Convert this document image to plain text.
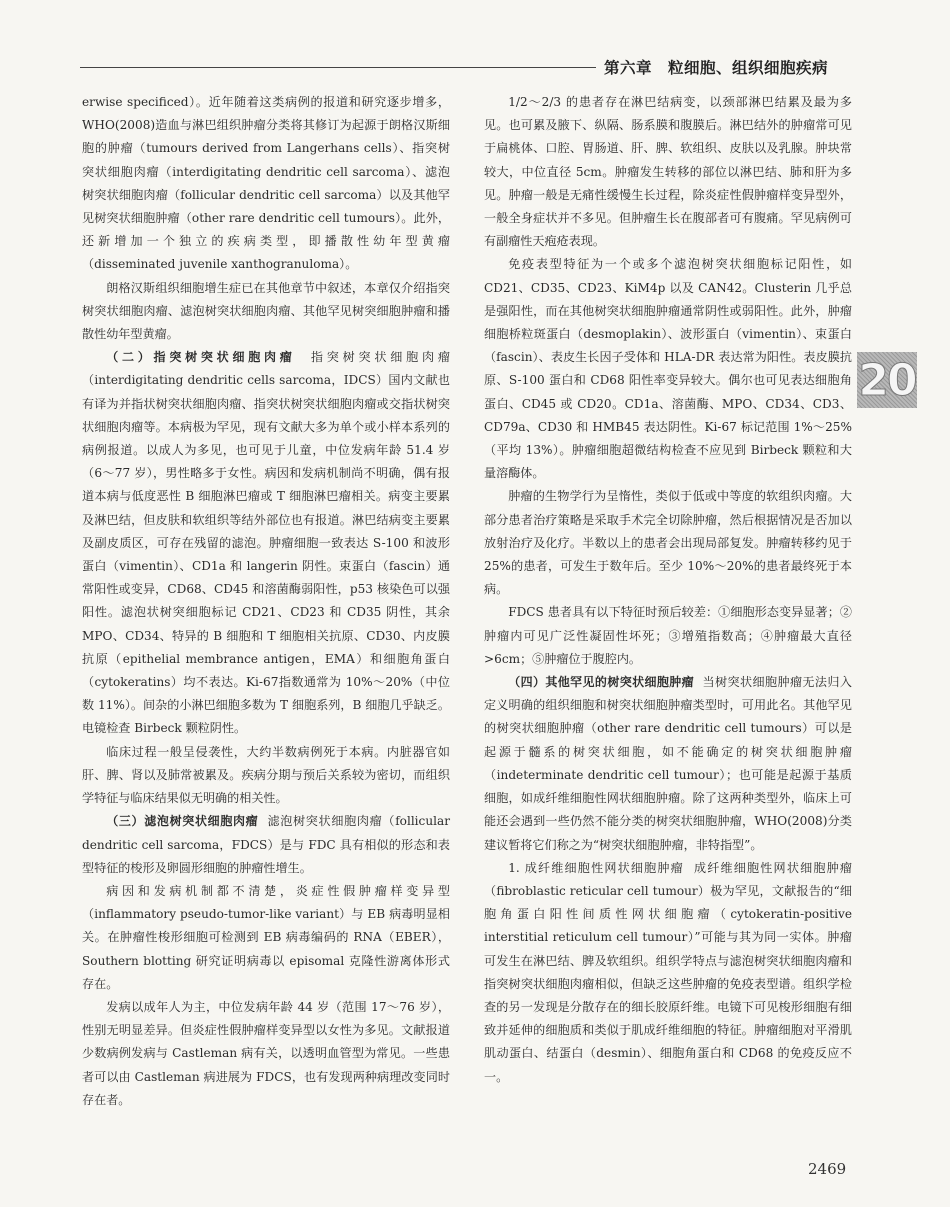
第六章　粒细胞、组织细胞疾病

erwise specificed）。近年随着这类病例的报道和研究逐步增多，WHO(2008)造血与淋巴组织肿瘤分类将其修订为起源于朗格汉斯细胞的肿瘤（tumours derived from Langerhans cells）、指突树突状细胞肉瘤（interdigitating dendritic cell sarcoma）、滤泡树突状细胞肉瘤（follicular dendritic cell sarcoma）以及其他罕见树突状细胞肿瘤（other rare dendritic cell tumours）。此外，还新增加一个独立的疾病类型，即播散性幼年型黄瘤（disseminated juvenile xanthogranuloma）。

朗格汉斯组织细胞增生症已在其他章节中叙述，本章仅介绍指突树突状细胞肉瘤、滤泡树突状细胞肉瘤、其他罕见树突细胞肿瘤和播散性幼年型黄瘤。

（二）指突树突状细胞肉瘤 指突树突状细胞肉瘤（interdigitating dendritic cells sarcoma，IDCS）国内文献也有译为并指状树突状细胞肉瘤、指突状树突状细胞肉瘤或交指状树突状细胞肉瘤等。本病极为罕见，现有文献大多为单个或小样本系列的病例报道。以成人为多见，也可见于儿童，中位发病年龄 51.4 岁（6～77 岁），男性略多于女性。病因和发病机制尚不明确，偶有报道本病与低度恶性 B 细胞淋巴瘤或 T 细胞淋巴瘤相关。病变主要累及淋巴结，但皮肤和软组织等结外部位也有报道。淋巴结病变主要累及副皮质区，可存在残留的滤泡。肿瘤细胞一致表达 S-100 和波形蛋白（vimentin）、CD1a 和 langerin 阴性。束蛋白（fascin）通常阳性或变异，CD68、CD45 和溶菌酶弱阳性，p53 核染色可以强阳性。滤泡状树突细胞标记 CD21、CD23 和 CD35 阴性，其余 MPO、CD34、特异的 B 细胞和 T 细胞相关抗原、CD30、内皮膜抗原（epithelial membrance antigen，EMA）和细胞角蛋白（cytokeratins）均不表达。Ki-67指数通常为 10%～20%（中位数 11%）。间杂的小淋巴细胞多数为 T 细胞系列，B 细胞几乎缺乏。电镜检查 Birbeck 颗粒阴性。

临床过程一般呈侵袭性，大约半数病例死于本病。内脏器官如肝、脾、肾以及肺常被累及。疾病分期与预后关系较为密切，而组织学特征与临床结果似无明确的相关性。

（三）滤泡树突状细胞肉瘤 滤泡树突状细胞肉瘤（follicular dendritic cell sarcoma，FDCS）是与 FDC 具有相似的形态和表型特征的梭形及卵圆形细胞的肿瘤性增生。

病因和发病机制都不清楚，炎症性假肿瘤样变异型（inflammatory pseudo-tumor-like variant）与 EB 病毒明显相关。在肿瘤性梭形细胞可检测到 EB 病毒编码的 RNA（EBER），Southern blotting 研究证明病毒以 episomal 克隆性游离体形式存在。

发病以成年人为主，中位发病年龄 44 岁（范围 17～76 岁），性别无明显差异。但炎症性假肿瘤样变异型以女性为多见。文献报道少数病例发病与 Castleman 病有关，以透明血管型为常见。一些患者可以由 Castleman 病进展为 FDCS，也有发现两种病理改变同时存在者。

1/2～2/3 的患者存在淋巴结病变，以颈部淋巴结累及最为多见。也可累及腋下、纵隔、肠系膜和腹膜后。淋巴结外的肿瘤常可见于扁桃体、口腔、胃肠道、肝、脾、软组织、皮肤以及乳腺。肿块常较大，中位直径 5cm。肿瘤发生转移的部位以淋巴结、肺和肝为多见。肿瘤一般是无痛性缓慢生长过程，除炎症性假肿瘤样变异型外，一般全身症状并不多见。但肿瘤生长在腹部者可有腹痛。罕见病例可有副瘤性天疱疮表现。

免疫表型特征为一个或多个滤泡树突状细胞标记阳性，如 CD21、CD35、CD23、KiM4p 以及 CAN42。Clusterin 几乎总是强阳性，而在其他树突状细胞肿瘤通常阴性或弱阳性。此外，肿瘤细胞桥粒斑蛋白（desmoplakin）、波形蛋白（vimentin）、束蛋白（fascin）、表皮生长因子受体和 HLA-DR 表达常为阳性。表皮膜抗原、S-100 蛋白和 CD68 阳性率变异较大。偶尔也可见表达细胞角蛋白、CD45 或 CD20。CD1a、溶菌酶、MPO、CD34、CD3、CD79a、CD30 和 HMB45 表达阴性。Ki-67 标记范围 1%～25%（平均 13%）。肿瘤细胞超微结构检查不应见到 Birbeck 颗粒和大量溶酶体。

肿瘤的生物学行为呈惰性，类似于低或中等度的软组织肉瘤。大部分患者治疗策略是采取手术完全切除肿瘤，然后根据情况是否加以放射治疗及化疗。半数以上的患者会出现局部复发。肿瘤转移约见于 25%的患者，可发生于数年后。至少 10%～20%的患者最终死于本病。

FDCS 患者具有以下特征时预后较差：①细胞形态变异显著；②肿瘤内可见广泛性凝固性坏死；③增殖指数高；④肿瘤最大直径>6cm；⑤肿瘤位于腹腔内。

（四）其他罕见的树突状细胞肿瘤 当树突状细胞肿瘤无法归入定义明确的组织细胞和树突状细胞肿瘤类型时，可用此名。其他罕见的树突状细胞肿瘤（other rare dendritic cell tumours）可以是起源于髓系的树突状细胞，如不能确定的树突状细胞肿瘤（indeterminate dendritic cell tumour）；也可能是起源于基质细胞，如成纤维细胞性网状细胞肿瘤。除了这两种类型外，临床上可能还会遇到一些仍然不能分类的树突状细胞肿瘤，WHO(2008)分类建议暂将它们称之为“树突状细胞肿瘤，非特指型”。

1. 成纤维细胞性网状细胞肿瘤 成纤维细胞性网状细胞肿瘤（fibroblastic reticular cell tumour）极为罕见，文献报告的“细胞角蛋白阳性间质性网状细胞瘤（cytokeratin-positive interstitial reticulum cell tumour）”可能与其为同一实体。肿瘤可发生在淋巴结、脾及软组织。组织学特点与滤泡树突状细胞肉瘤和指突树突状细胞肉瘤相似，但缺乏这些肿瘤的免疫表型谱。组织学检查的另一发现是分散存在的细长胶原纤维。电镜下可见梭形细胞有细致并延伸的细胞质和类似于肌成纤维细胞的特征。肿瘤细胞对平滑肌肌动蛋白、结蛋白（desmin）、细胞角蛋白和 CD68 的免疫反应不一。

20
2469
